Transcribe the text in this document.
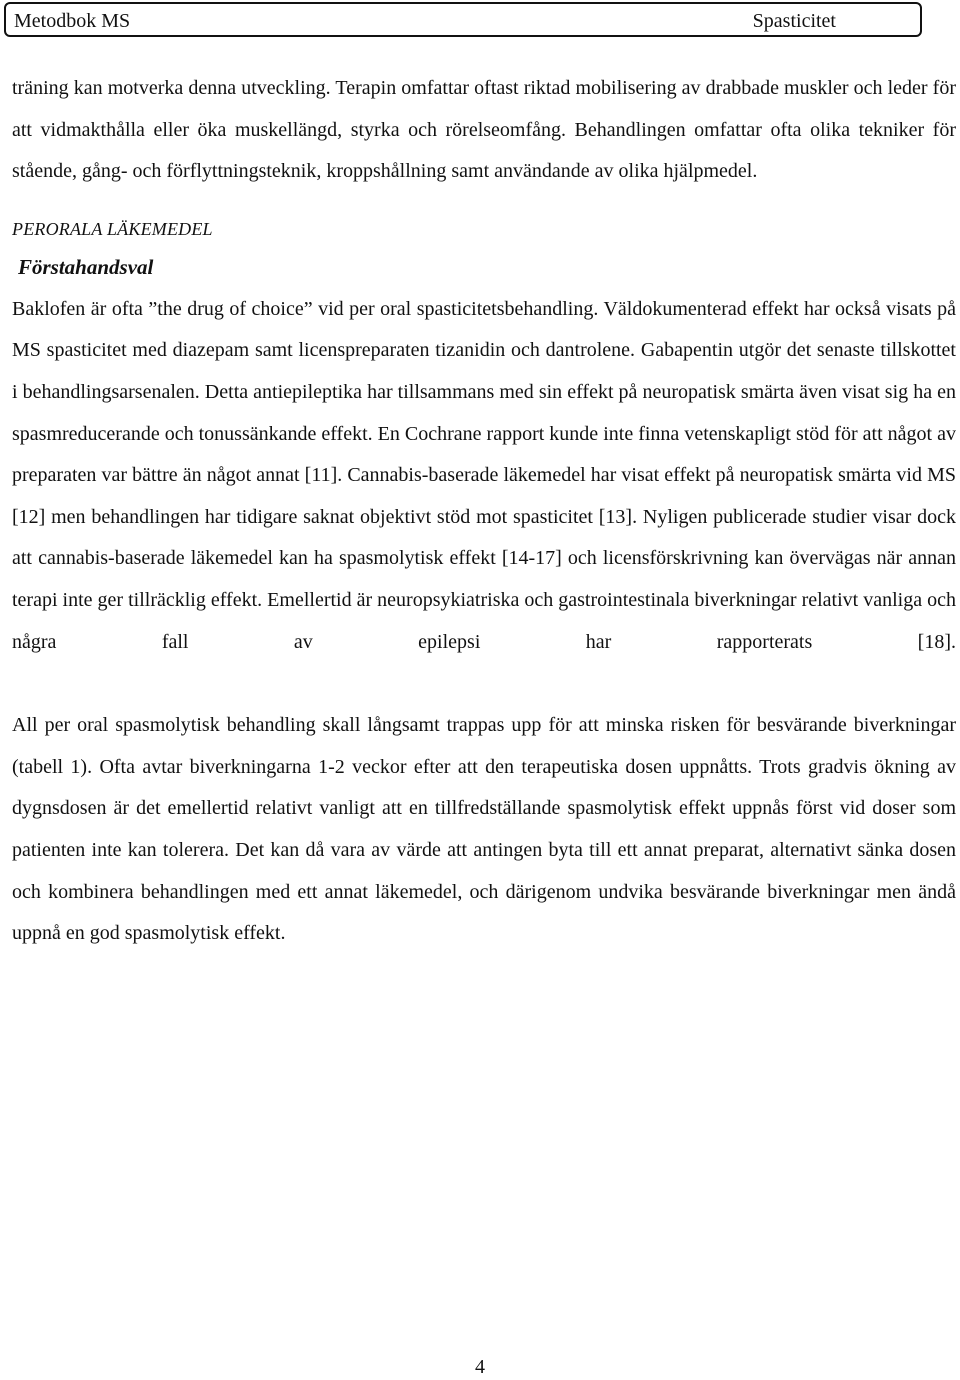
Metodbok MS	Spasticitet

träning kan motverka denna utveckling. Terapin omfattar oftast riktad mobilisering av drabbade muskler och leder för att vidmakthålla eller öka muskellängd, styrka och rörelseomfång. Behandlingen omfattar ofta olika tekniker för stående, gång- och förflyttningsteknik, kroppshållning samt användande av olika hjälpmedel.

PERORALA LÄKEMEDEL
Förstahandsval

Baklofen är ofta ”the drug of choice” vid per oral spasticitetsbehandling. Väldokumenterad effekt har också visats på MS spasticitet med diazepam samt licenspreparaten tizanidin och dantrolene. Gabapentin utgör det senaste tillskottet i behandlingsarsenalen. Detta antiepileptika har tillsammans med sin effekt på neuropatisk smärta även visat sig ha en spasmreducerande och tonussänkande effekt. En Cochrane rapport kunde inte finna vetenskapligt stöd för att något av preparaten var bättre än något annat [11]. Cannabis-baserade läkemedel har visat effekt på neuropatisk smärta vid MS [12] men behandlingen har tidigare saknat objektivt stöd mot spasticitet [13]. Nyligen publicerade studier visar dock att cannabis-baserade läkemedel kan ha spasmolytisk effekt [14-17] och licensförskrivning kan övervägas när annan terapi inte ger tillräcklig effekt. Emellertid är neuropsykiatriska och gastrointestinala biverkningar relativt vanliga och några fall av epilepsi har rapporterats [18].

All per oral spasmolytisk behandling skall långsamt trappas upp för att minska risken för besvärande biverkningar (tabell 1). Ofta avtar biverkningarna 1-2 veckor efter att den terapeutiska dosen uppnåtts. Trots gradvis ökning av dygnsdosen är det emellertid relativt vanligt att en tillfredställande spasmolytisk effekt uppnås först vid doser som patienten inte kan tolerera. Det kan då vara av värde att antingen byta till ett annat preparat, alternativt sänka dosen och kombinera behandlingen med ett annat läkemedel, och därigenom undvika besvärande biverkningar men ändå uppnå en god spasmolytisk effekt.

4
